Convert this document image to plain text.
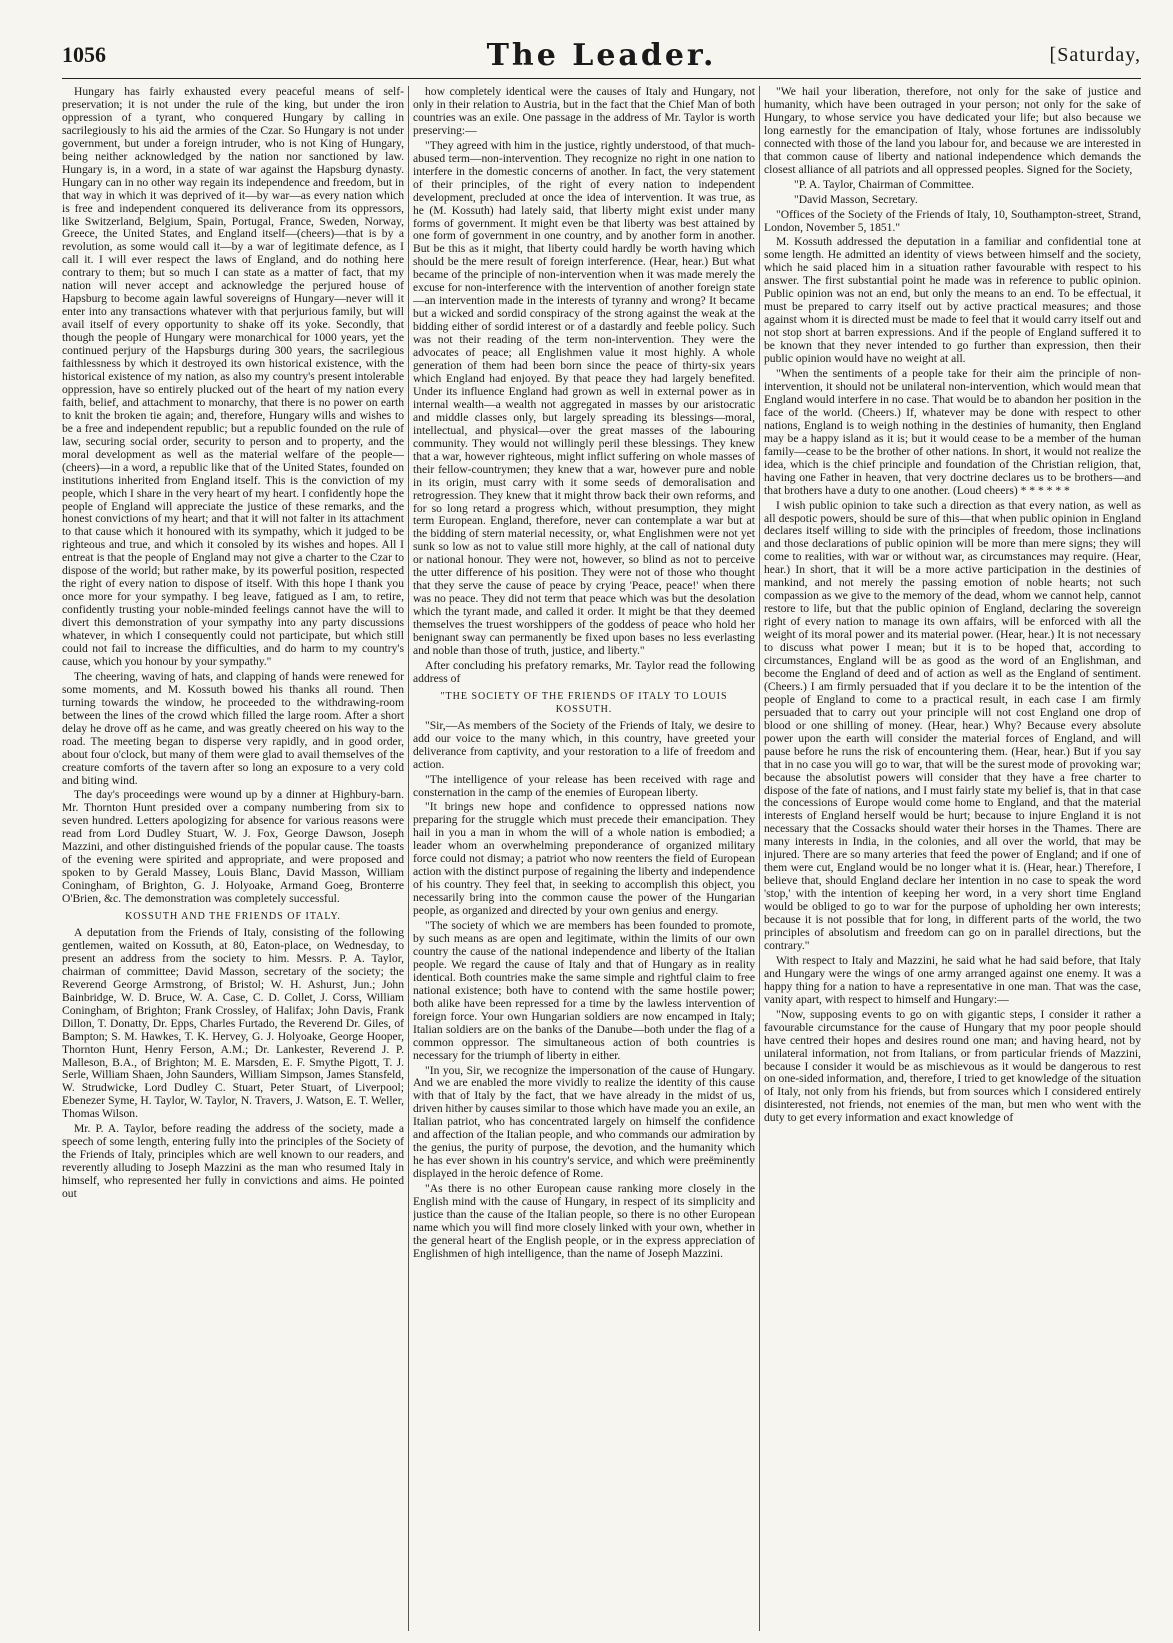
1056	The Leader.	[Saturday,

Hungary has fairly exhausted every peaceful means of self-preservation; it is not under the rule of the king, but under the iron oppression of a tyrant, who conquered Hungary by calling in sacrilegiously to his aid the armies of the Czar. So Hungary is not under government, but under a foreign intruder, who is not King of Hungary, being neither acknowledged by the nation nor sanctioned by law. Hungary is, in a word, in a state of war against the Hapsburg dynasty. Hungary can in no other way regain its independence and freedom, but in that way in which it was deprived of it—by war—as every nation which is free and independent conquered its deliverance from its oppressors, like Switzerland, Belgium, Spain, Portugal, France, Sweden, Norway, Greece, the United States, and England itself—(cheers)—that is by a revolution, as some would call it—by a war of legitimate defence, as I call it. I will ever respect the laws of England, and do nothing here contrary to them; but so much I can state as a matter of fact, that my nation will never accept and acknowledge the perjured house of Hapsburg to become again lawful sovereigns of Hungary—never will it enter into any transactions whatever with that perjurious family, but will avail itself of every opportunity to shake off its yoke. Secondly, that though the people of Hungary were monarchical for 1000 years, yet the continued perjury of the Hapsburgs during 300 years, the sacrilegious faithlessness by which it destroyed its own historical existence, with the historical existence of my nation, as also my country's present intolerable oppression, have so entirely plucked out of the heart of my nation every faith, belief, and attachment to monarchy, that there is no power on earth to knit the broken tie again; and, therefore, Hungary wills and wishes to be a free and independent republic; but a republic founded on the rule of law, securing social order, security to person and to property, and the moral development as well as the material welfare of the people—(cheers)—in a word, a republic like that of the United States, founded on institutions inherited from England itself. This is the conviction of my people, which I share in the very heart of my heart. I confidently hope the people of England will appreciate the justice of these remarks, and the honest convictions of my heart; and that it will not falter in its attachment to that cause which it honoured with its sympathy, which it judged to be righteous and true, and which it consoled by its wishes and hopes. All I entreat is that the people of England may not give a charter to the Czar to dispose of the world; but rather make, by its powerful position, respected the right of every nation to dispose of itself. With this hope I thank you once more for your sympathy. I beg leave, fatigued as I am, to retire, confidently trusting your noble-minded feelings cannot have the will to divert this demonstration of your sympathy into any party discussions whatever, in which I consequently could not participate, but which still could not fail to increase the difficulties, and do harm to my country's cause, which you honour by your sympathy."

The cheering, waving of hats, and clapping of hands were renewed for some moments, and M. Kossuth bowed his thanks all round. Then turning towards the window, he proceeded to the withdrawing-room between the lines of the crowd which filled the large room. After a short delay he drove off as he came, and was greatly cheered on his way to the road. The meeting began to disperse very rapidly, and in good order, about four o'clock, but many of them were glad to avail themselves of the creature comforts of the tavern after so long an exposure to a very cold and biting wind.

The day's proceedings were wound up by a dinner at Highbury-barn. Mr. Thornton Hunt presided over a company numbering from six to seven hundred. Letters apologizing for absence for various reasons were read from Lord Dudley Stuart, W. J. Fox, George Dawson, Joseph Mazzini, and other distinguished friends of the popular cause. The toasts of the evening were spirited and appropriate, and were proposed and spoken to by Gerald Massey, Louis Blanc, David Masson, William Coningham, of Brighton, G. J. Holyoake, Armand Goeg, Bronterre O'Brien, &c. The demonstration was completely successful.

KOSSUTH AND THE FRIENDS OF ITALY.

A deputation from the Friends of Italy, consisting of the following gentlemen, waited on Kossuth, at 80, Eaton-place, on Wednesday, to present an address from the society to him. Messrs. P. A. Taylor, chairman of committee; David Masson, secretary of the society; the Reverend George Armstrong, of Bristol; W. H. Ashurst, Jun.; John Bainbridge, W. D. Bruce, W. A. Case, C. D. Collet, J. Corss, William Coningham, of Brighton; Frank Crossley, of Halifax; John Davis, Frank Dillon, T. Donatty, Dr. Epps, Charles Furtado, the Reverend Dr. Giles, of Bampton; S. M. Hawkes, T. K. Hervey, G. J. Holyoake, George Hooper, Thornton Hunt, Henry Ferson, A.M.; Dr. Lankester, Reverend J. P. Malleson, B.A., of Brighton; M. E. Marsden, E. F. Smythe Pigott, T. J. Serle, William Shaen, John Saunders, William Simpson, James Stansfeld, W. Strudwicke, Lord Dudley C. Stuart, Peter Stuart, of Liverpool; Ebenezer Syme, H. Taylor, W. Taylor, N. Travers, J. Watson, E. T. Weller, Thomas Wilson.

Mr. P. A. Taylor, before reading the address of the society, made a speech of some length, entering fully into the principles of the Society of the Friends of Italy, principles which are well known to our readers, and reverently alluding to Joseph Mazzini as the man who resumed Italy in himself, who represented her fully in convictions and aims. He pointed out

how completely identical were the causes of Italy and Hungary, not only in their relation to Austria, but in the fact that the Chief Man of both countries was an exile. One passage in the address of Mr. Taylor is worth preserving:—

"They agreed with him in the justice, rightly understood, of that much-abused term—non-intervention. They recognize no right in one nation to interfere in the domestic concerns of another. In fact, the very statement of their principles, of the right of every nation to independent development, precluded at once the idea of intervention. It was true, as he (M. Kossuth) had lately said, that liberty might exist under many forms of government. It might even be that liberty was best attained by one form of government in one country, and by another form in another. But be this as it might, that liberty could hardly be worth having which should be the mere result of foreign interference. (Hear, hear.) But what became of the principle of non-intervention when it was made merely the excuse for non-interference with the intervention of another foreign state—an intervention made in the interests of tyranny and wrong? It became but a wicked and sordid conspiracy of the strong against the weak at the bidding either of sordid interest or of a dastardly and feeble policy. Such was not their reading of the term non-intervention. They were the advocates of peace; all Englishmen value it most highly. A whole generation of them had been born since the peace of thirty-six years which England had enjoyed. By that peace they had largely benefited. Under its influence England had grown as well in external power as in internal wealth—a wealth not aggregated in masses by our aristocratic and middle classes only, but largely spreading its blessings—moral, intellectual, and physical—over the great masses of the labouring community. They would not willingly peril these blessings. They knew that a war, however righteous, might inflict suffering on whole masses of their fellow-countrymen; they knew that a war, however pure and noble in its origin, must carry with it some seeds of demoralisation and retrogression. They knew that it might throw back their own reforms, and for so long retard a progress which, without presumption, they might term European. England, therefore, never can contemplate a war but at the bidding of stern material necessity, or, what Englishmen were not yet sunk so low as not to value still more highly, at the call of national duty or national honour. They were not, however, so blind as not to perceive the utter difference of his position. They were not of those who thought that they serve the cause of peace by crying 'Peace, peace!' when there was no peace. They did not term that peace which was but the desolation which the tyrant made, and called it order. It might be that they deemed themselves the truest worshippers of the goddess of peace who hold her benignant sway can permanently be fixed upon bases no less everlasting and noble than those of truth, justice, and liberty."

After concluding his prefatory remarks, Mr. Taylor read the following address of

"THE SOCIETY OF THE FRIENDS OF ITALY TO LOUIS KOSSUTH.

"Sir,—As members of the Society of the Friends of Italy, we desire to add our voice to the many which, in this country, have greeted your deliverance from captivity, and your restoration to a life of freedom and action.

"The intelligence of your release has been received with rage and consternation in the camp of the enemies of European liberty.

"It brings new hope and confidence to oppressed nations now preparing for the struggle which must precede their emancipation. They hail in you a man in whom the will of a whole nation is embodied; a leader whom an overwhelming preponderance of organized military force could not dismay; a patriot who now reenters the field of European action with the distinct purpose of regaining the liberty and independence of his country. They feel that, in seeking to accomplish this object, you necessarily bring into the common cause the power of the Hungarian people, as organized and directed by your own genius and energy.

"The society of which we are members has been founded to promote, by such means as are open and legitimate, within the limits of our own country the cause of the national independence and liberty of the Italian people. We regard the cause of Italy and that of Hungary as in reality identical. Both countries make the same simple and rightful claim to free national existence; both have to contend with the same hostile power; both alike have been repressed for a time by the lawless intervention of foreign force. Your own Hungarian soldiers are now encamped in Italy; Italian soldiers are on the banks of the Danube—both under the flag of a common oppressor. The simultaneous action of both countries is necessary for the triumph of liberty in either.

"In you, Sir, we recognize the impersonation of the cause of Hungary. And we are enabled the more vividly to realize the identity of this cause with that of Italy by the fact, that we have already in the midst of us, driven hither by causes similar to those which have made you an exile, an Italian patriot, who has concentrated largely on himself the confidence and affection of the Italian people, and who commands our admiration by the genius, the purity of purpose, the devotion, and the humanity which he has ever shown in his country's service, and which were preëminently displayed in the heroic defence of Rome.

"As there is no other European cause ranking more closely in the English mind with the cause of Hungary, in respect of its simplicity and justice than the cause of the Italian people, so there is no other European name which you will find more closely linked with your own, whether in the general heart of the English people, or in the express appreciation of Englishmen of high intelligence, than the name of Joseph Mazzini.

"We hail your liberation, therefore, not only for the sake of justice and humanity, which have been outraged in your person; not only for the sake of Hungary, to whose service you have dedicated your life; but also because we long earnestly for the emancipation of Italy, whose fortunes are indissolubly connected with those of the land you labour for, and because we are interested in that common cause of liberty and national independence which demands the closest alliance of all patriots and all oppressed peoples. Signed for the Society,

"P. A. Taylor, Chairman of Committee.

"David Masson, Secretary.

"Offices of the Society of the Friends of Italy, 10, Southampton-street, Strand, London, November 5, 1851."

M. Kossuth addressed the deputation in a familiar and confidential tone at some length. He admitted an identity of views between himself and the society, which he said placed him in a situation rather favourable with respect to his answer. The first substantial point he made was in reference to public opinion. Public opinion was not an end, but only the means to an end. To be effectual, it must be prepared to carry itself out by active practical measures; and those against whom it is directed must be made to feel that it would carry itself out and not stop short at barren expressions. And if the people of England suffered it to be known that they never intended to go further than expression, then their public opinion would have no weight at all.

"When the sentiments of a people take for their aim the principle of non-intervention, it should not be unilateral non-intervention, which would mean that England would interfere in no case. That would be to abandon her position in the face of the world. (Cheers.) If, whatever may be done with respect to other nations, England is to weigh nothing in the destinies of humanity, then England may be a happy island as it is; but it would cease to be a member of the human family—cease to be the brother of other nations. In short, it would not realize the idea, which is the chief principle and foundation of the Christian religion, that, having one Father in heaven, that very doctrine declares us to be brothers—and that brothers have a duty to one another. (Loud cheers) * * * * * *

I wish public opinion to take such a direction as that every nation, as well as all despotic powers, should be sure of this—that when public opinion in England declares itself willing to side with the principles of freedom, those inclinations and those declarations of public opinion will be more than mere signs; they will come to realities, with war or without war, as circumstances may require. (Hear, hear.) In short, that it will be a more active participation in the destinies of mankind, and not merely the passing emotion of noble hearts; not such compassion as we give to the memory of the dead, whom we cannot help, cannot restore to life, but that the public opinion of England, declaring the sovereign right of every nation to manage its own affairs, will be enforced with all the weight of its moral power and its material power. (Hear, hear.) It is not necessary to discuss what power I mean; but it is to be hoped that, according to circumstances, England will be as good as the word of an Englishman, and become the England of deed and of action as well as the England of sentiment. (Cheers.) I am firmly persuaded that if you declare it to be the intention of the people of England to come to a practical result, in each case I am firmly persuaded that to carry out your principle will not cost England one drop of blood or one shilling of money. (Hear, hear.) Why? Because every absolute power upon the earth will consider the material forces of England, and will pause before he runs the risk of encountering them. (Hear, hear.) But if you say that in no case you will go to war, that will be the surest mode of provoking war; because the absolutist powers will consider that they have a free charter to dispose of the fate of nations, and I must fairly state my belief is, that in that case the concessions of Europe would come home to England, and that the material interests of England herself would be hurt; because to injure England it is not necessary that the Cossacks should water their horses in the Thames. There are many interests in India, in the colonies, and all over the world, that may be injured. There are so many arteries that feed the power of England; and if one of them were cut, England would be no longer what it is. (Hear, hear.) Therefore, I believe that, should England declare her intention in no case to speak the word 'stop,' with the intention of keeping her word, in a very short time England would be obliged to go to war for the purpose of upholding her own interests; because it is not possible that for long, in different parts of the world, the two principles of absolutism and freedom can go on in parallel directions, but the contrary."

With respect to Italy and Mazzini, he said what he had said before, that Italy and Hungary were the wings of one army arranged against one enemy. It was a happy thing for a nation to have a representative in one man. That was the case, vanity apart, with respect to himself and Hungary:—

"Now, supposing events to go on with gigantic steps, I consider it rather a favourable circumstance for the cause of Hungary that my poor people should have centred their hopes and desires round one man; and having heard, not by unilateral information, not from Italians, or from particular friends of Mazzini, because I consider it would be as mischievous as it would be dangerous to rest on one-sided information, and, therefore, I tried to get knowledge of the situation of Italy, not only from his friends, but from sources which I considered entirely disinterested, not friends, not enemies of the man, but men who went with the duty to get every information and exact knowledge of
